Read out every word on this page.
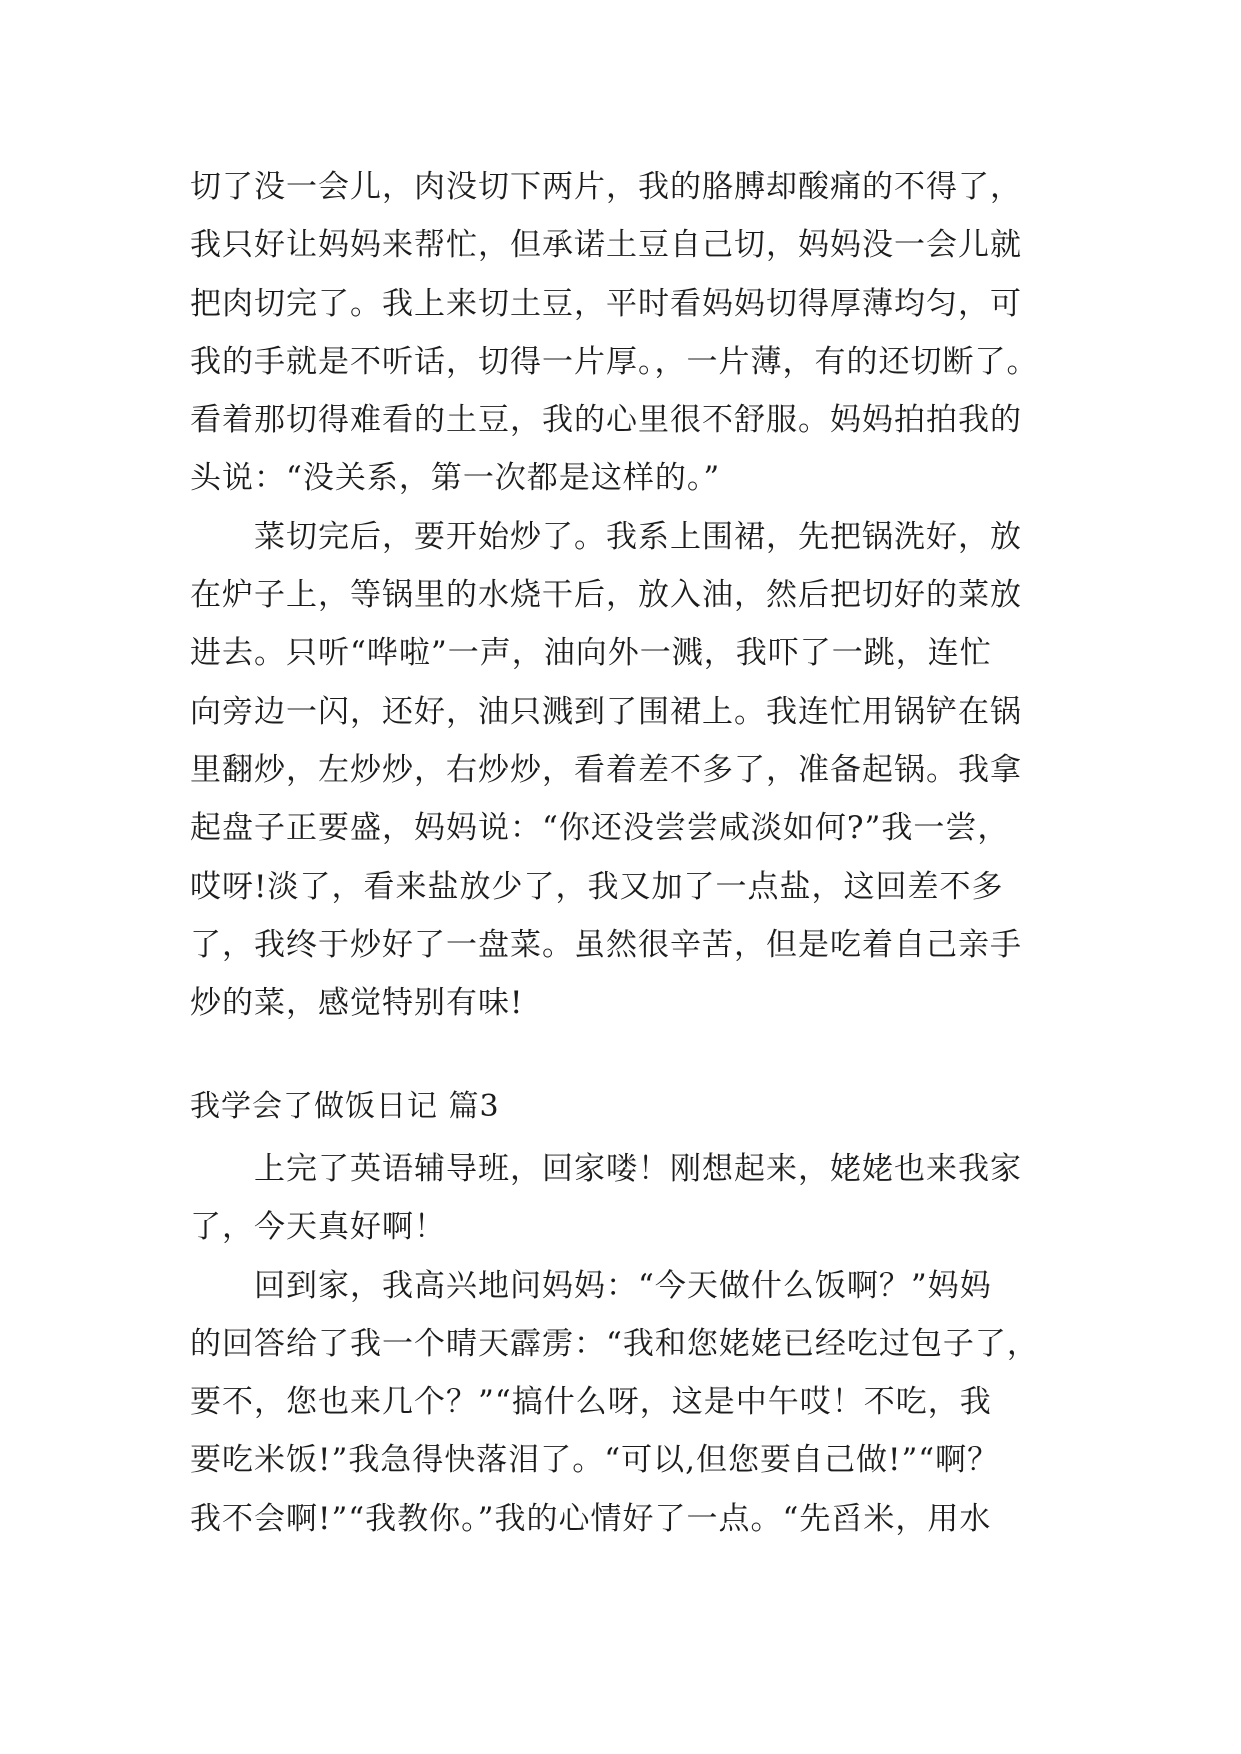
切了没一会儿，肉没切下两片，我的胳膊却酸痛的不得了，
我只好让妈妈来帮忙，但承诺土豆自己切，妈妈没一会儿就
把肉切完了。我上来切土豆，平时看妈妈切得厚薄均匀，可
我的手就是不听话，切得一片厚。，一片薄，有的还切断了。
看着那切得难看的土豆，我的心里很不舒服。妈妈拍拍我的
头说：“没关系，第一次都是这样的。”
　　菜切完后，要开始炒了。我系上围裙，先把锅洗好，放
在炉子上，等锅里的水烧干后，放入油，然后把切好的菜放
进去。只听“哗啦”一声，油向外一溅，我吓了一跳，连忙
向旁边一闪，还好，油只溅到了围裙上。我连忙用锅铲在锅
里翻炒，左炒炒，右炒炒，看着差不多了，准备起锅。我拿
起盘子正要盛，妈妈说：“你还没尝尝咸淡如何?”我一尝，
哎呀!淡了，看来盐放少了，我又加了一点盐，这回差不多
了，我终于炒好了一盘菜。虽然很辛苦，但是吃着自己亲手
炒的菜，感觉特别有味!
我学会了做饭日记 篇3
　　上完了英语辅导班，回家喽！刚想起来，姥姥也来我家
了，今天真好啊！
　　回到家，我高兴地问妈妈：“今天做什么饭啊？”妈妈
的回答给了我一个晴天霹雳：“我和您姥姥已经吃过包子了，
要不，您也来几个？”“搞什么呀，这是中午哎！不吃，我
要吃米饭!”我急得快落泪了。“可以,但您要自己做!”“啊？
我不会啊!”“我教你。”我的心情好了一点。“先舀米，用水
